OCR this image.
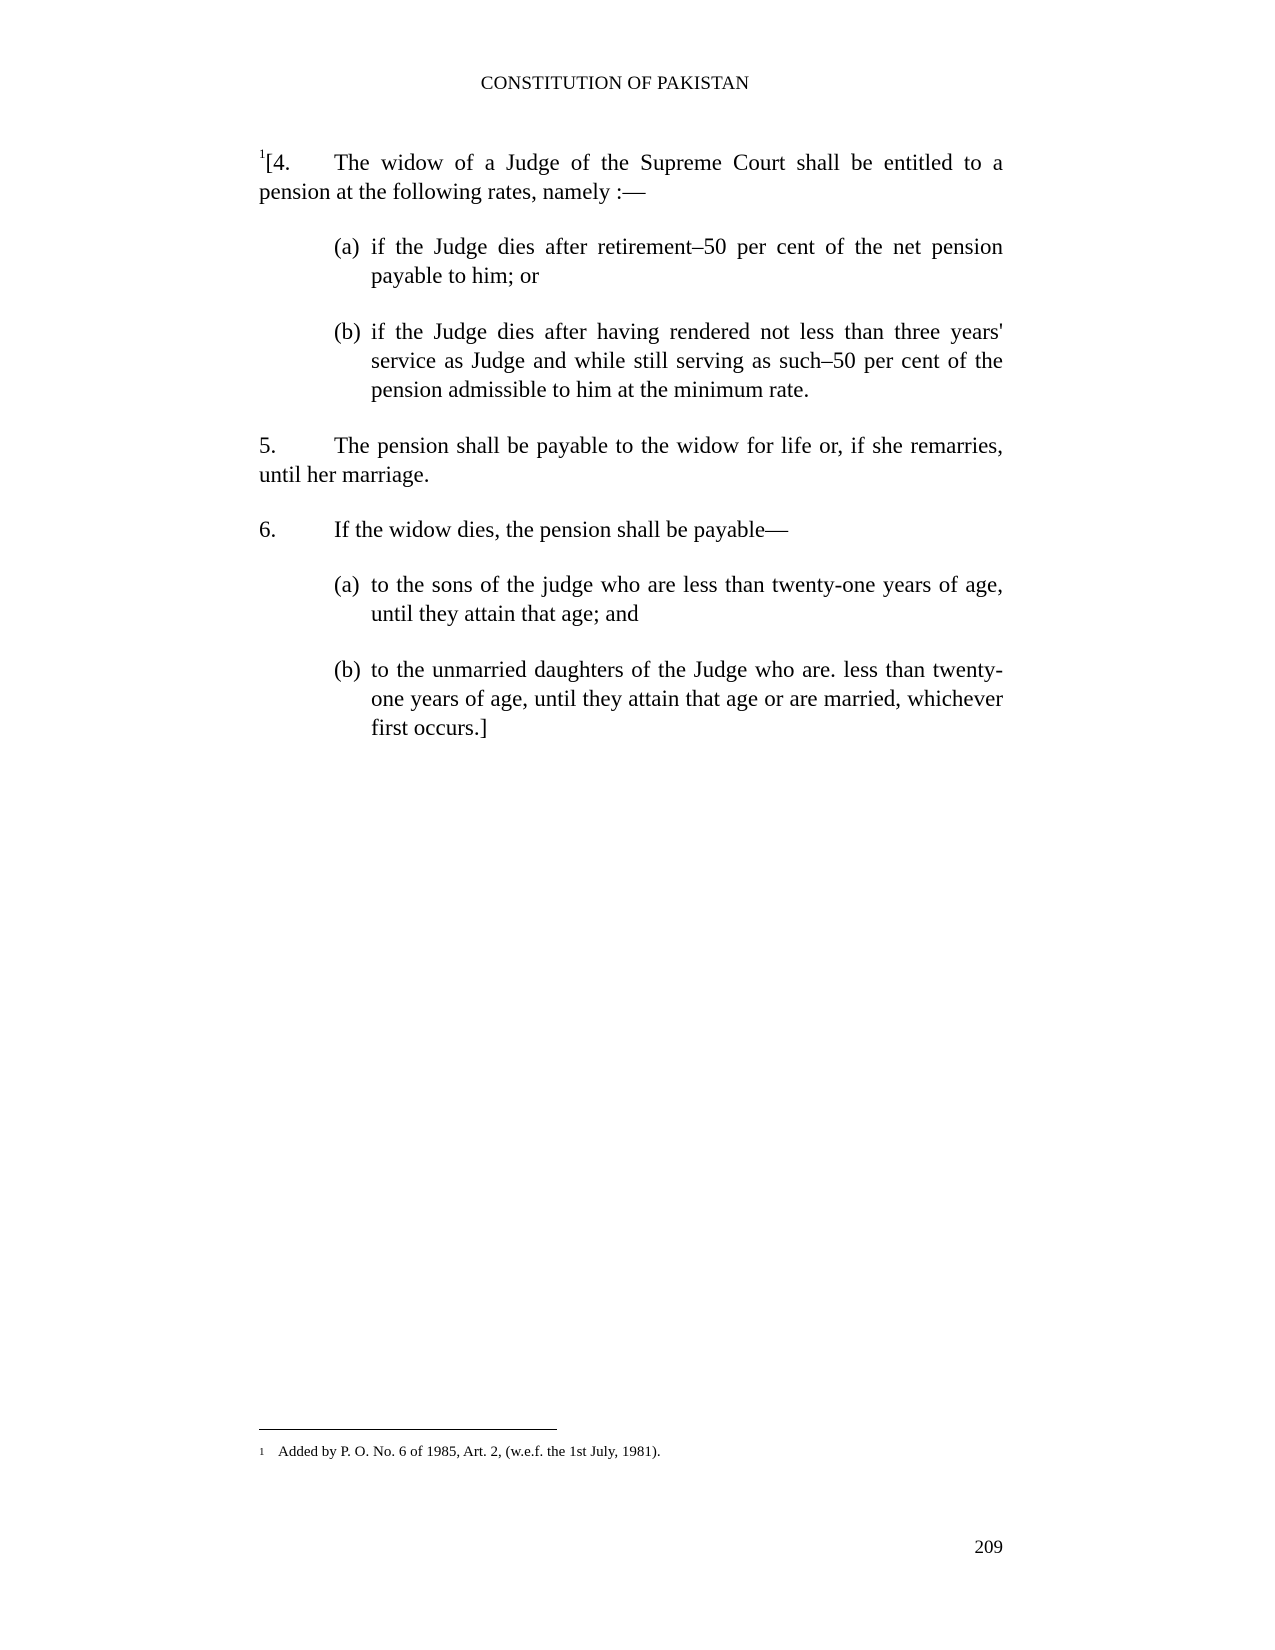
CONSTITUTION OF PAKISTAN

$^1$[4. The widow of a Judge of the Supreme Court shall be entitled to a pension at the following rates, namely :—

(a) if the Judge dies after retirement–50 per cent of the net pension payable to him; or
(b) if the Judge dies after having rendered not less than three years' service as Judge and while still serving as such–50 per cent of the pension admissible to him at the minimum rate.

5.	The pension shall be payable to the widow for life or, if she remarries, until her marriage.

6.	If the widow dies, the pension shall be payable—

(a) to the sons of the judge who are less than twenty-one years of age, until they attain that age; and
(b) to the unmarried daughters of the Judge who are. less than twenty-one years of age, until they attain that age or are married, whichever first occurs.]
1 Added by P. O. No. 6 of 1985, Art. 2, (w.e.f. the 1st July, 1981).
209
